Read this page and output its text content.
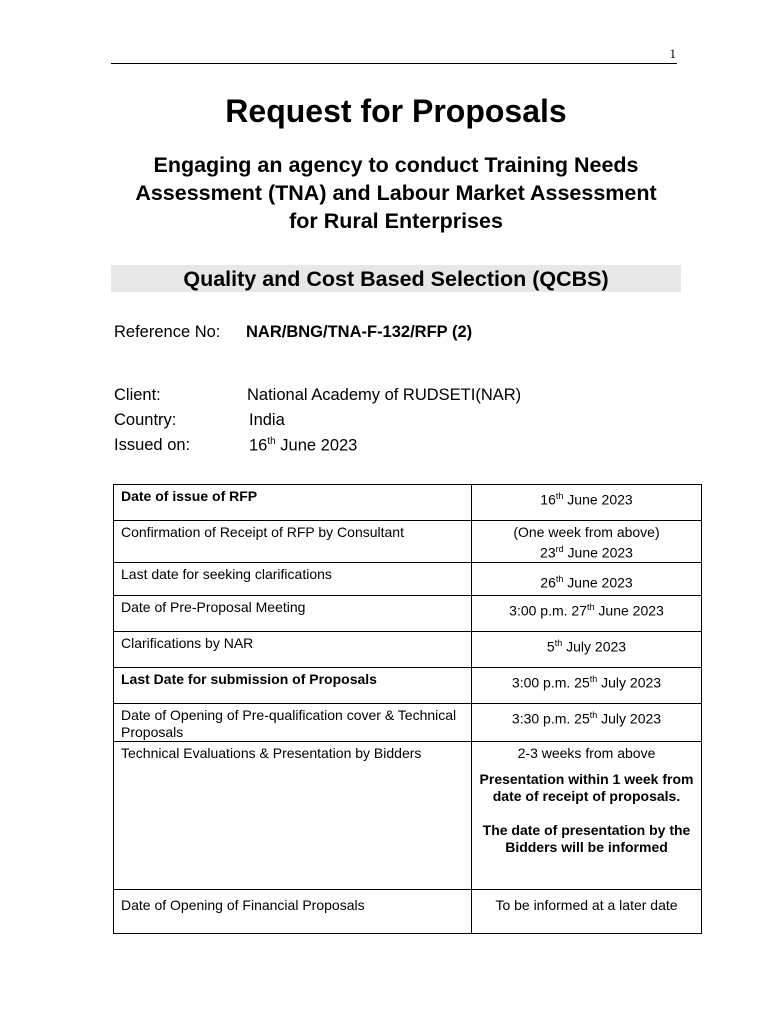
1
Request for Proposals
Engaging an agency to conduct Training Needs
Assessment (TNA) and Labour Market Assessment
for Rural Enterprises
Quality and Cost Based Selection (QCBS)
Reference No: NAR/BNG/TNA-F-132/RFP (2)
Client:	National Academy of RUDSETI(NAR)
Country:	India
Issued on:	16th June 2023
Date of issue of RFP	16th June 2023
Confirmation of Receipt of RFP by Consultant	(One week from above)
23rd June 2023

Last date for seeking clarifications	26th June 2023
Date of Pre-Proposal Meeting	3:00 p.m. 27th June 2023
Clarifications by NAR	5th July 2023
Last Date for submission of Proposals	3:00 p.m. 25th July 2023
Date of Opening of Pre-qualification cover & Technical Proposals	3:30 p.m. 25th July 2023
Technical Evaluations & Presentation by Bidders	2-3 weeks from above
Presentation within 1 week from date of receipt of proposals.
The date of presentation by the Bidders will be informed

Date of Opening of Financial Proposals	To be informed at a later date
